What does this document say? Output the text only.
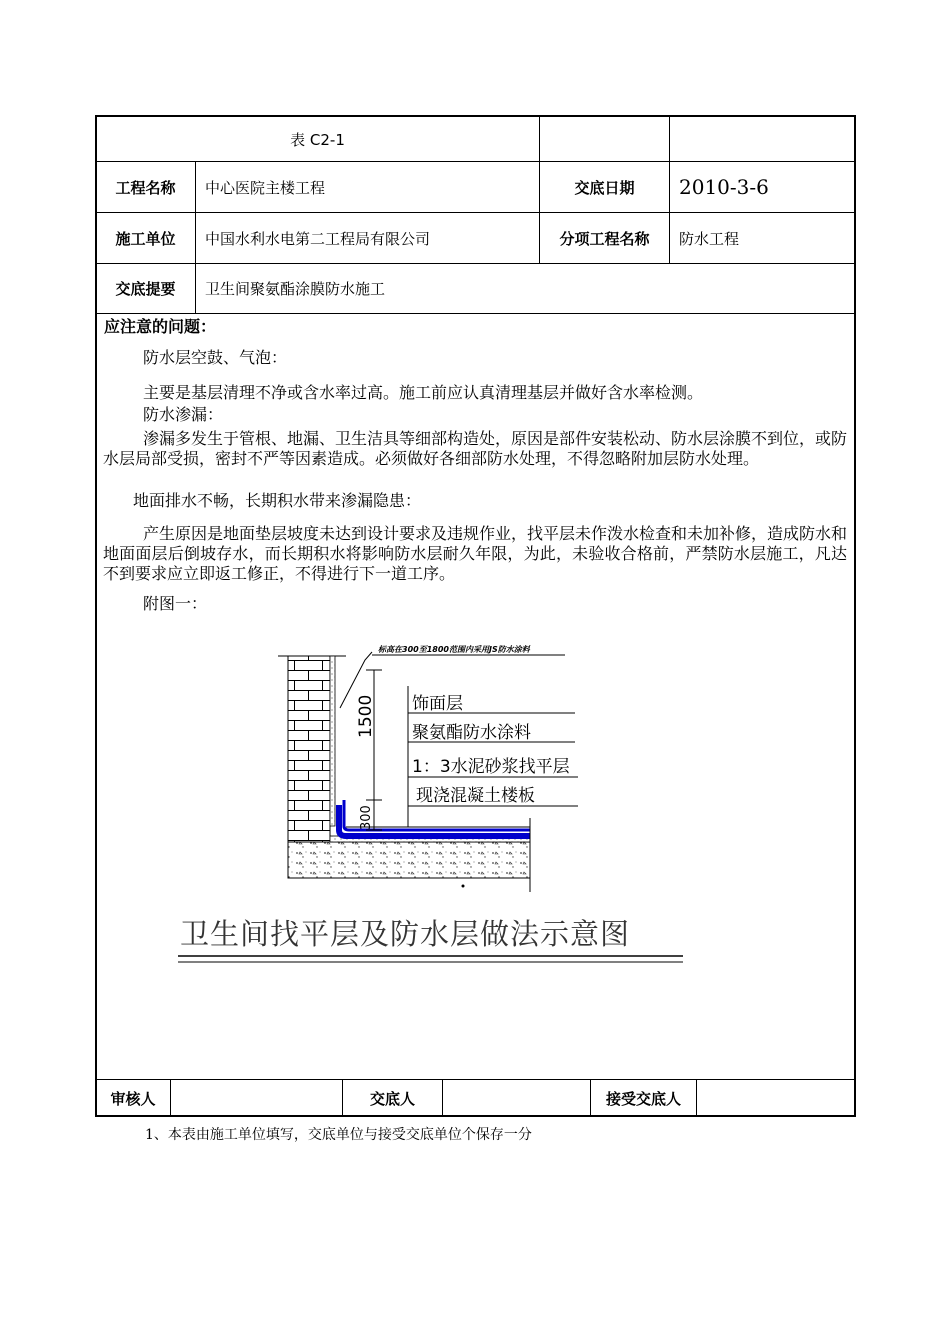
表 C2-1
工程名称	中心医院主楼工程	交底日期	2010-3-6
施工单位	中国水利水电第二工程局有限公司	分项工程名称	防水工程
交底提要	卫生间聚氨酯涂膜防水施工
应注意的问题：
防水层空鼓、气泡：
主要是基层清理不净或含水率过高。施工前应认真清理基层并做好含水率检测。
防水渗漏：
渗漏多发生于管根、地漏、卫生洁具等细部构造处，原因是部件安装松动、防水层涂膜不到位，或防水层局部受损，密封不严等因素造成。必须做好各细部防水处理，不得忽略附加层防水处理。
地面排水不畅，长期积水带来渗漏隐患：
产生原因是地面垫层坡度未达到设计要求及违规作业，找平层未作泼水检查和未加补修，造成防水和地面面层后倒坡存水，而长期积水将影响防水层耐久年限，为此，未验收合格前，严禁防水层施工，凡达不到要求应立即返工修正，不得进行下一道工序。
附图一：
标高在300至1800范围内采用JS防水涂料
1500
300
饰面层
聚氨酯防水涂料
1：3水泥砂浆找平层
现浇混凝土楼板
卫生间找平层及防水层做法示意图
审核人	交底人	接受交底人
1、本表由施工单位填写，交底单位与接受交底单位个保存一分
